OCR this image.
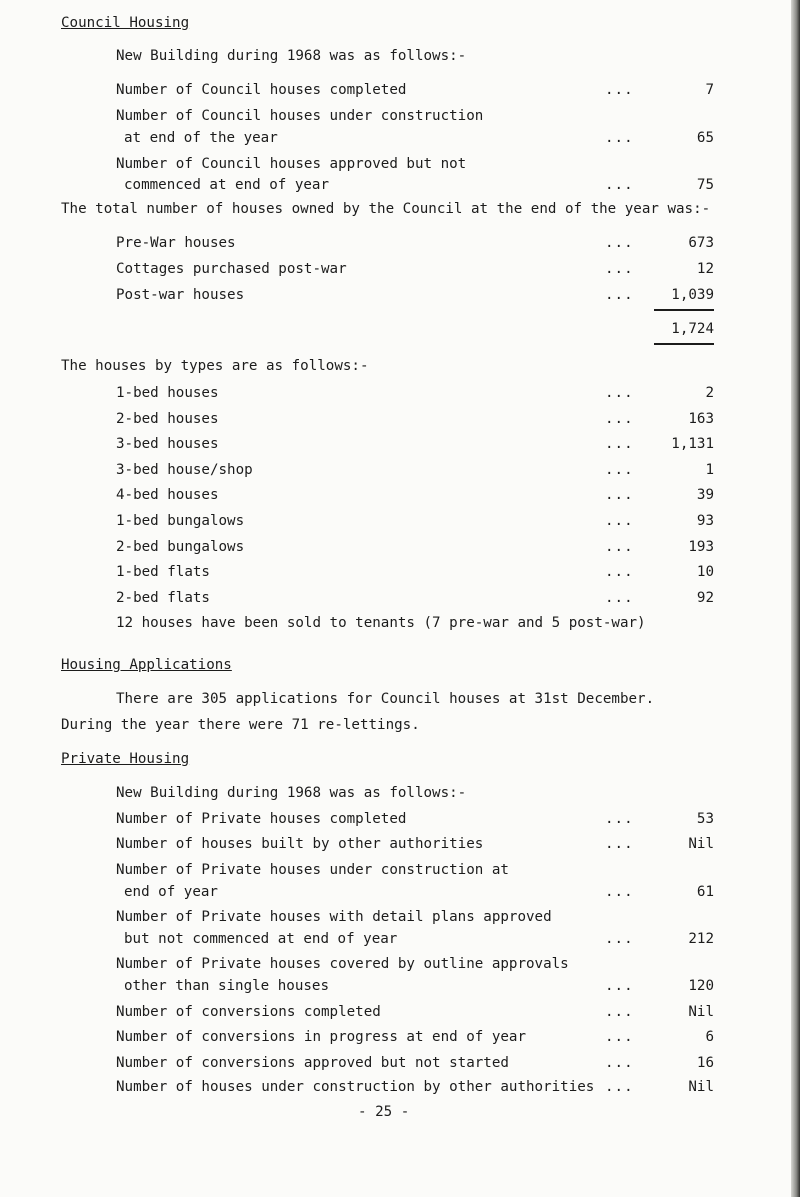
Council Housing
New Building during 1968 was as follows:-
Number of Council houses completed	...	7
Number of Council houses under construction
at end of the year	...	65
Number of Council houses approved but not
commenced at end of year	...	75
The total number of houses owned by the Council at the end of the year was:-
Pre-War houses	...	673
Cottages purchased post-war	...	12
Post-war houses	...	1,039
1,724
The houses by types are as follows:-
1-bed houses	...	2
2-bed houses	...	163
3-bed houses	...	1,131
3-bed house/shop	...	1
4-bed houses	...	39
1-bed bungalows	...	93
2-bed bungalows	...	193
1-bed flats	...	10
2-bed flats	...	92
12 houses have been sold to tenants (7 pre-war and 5 post-war)
Housing Applications
There are 305 applications for Council houses at 31st December.
During the year there were 71 re-lettings.
Private Housing
New Building during 1968 was as follows:-
Number of Private houses completed	...	53
Number of houses built by other authorities	...	Nil
Number of Private houses under construction at
end of year	...	61
Number of Private houses with detail plans approved
but not commenced at end of year	...	212
Number of Private houses covered by outline approvals
other than single houses	...	120
Number of conversions completed	...	Nil
Number of conversions in progress at end of year	...	6
Number of conversions approved but not started	...	16
Number of houses under construction by other authorities ...	Nil
- 25 -
